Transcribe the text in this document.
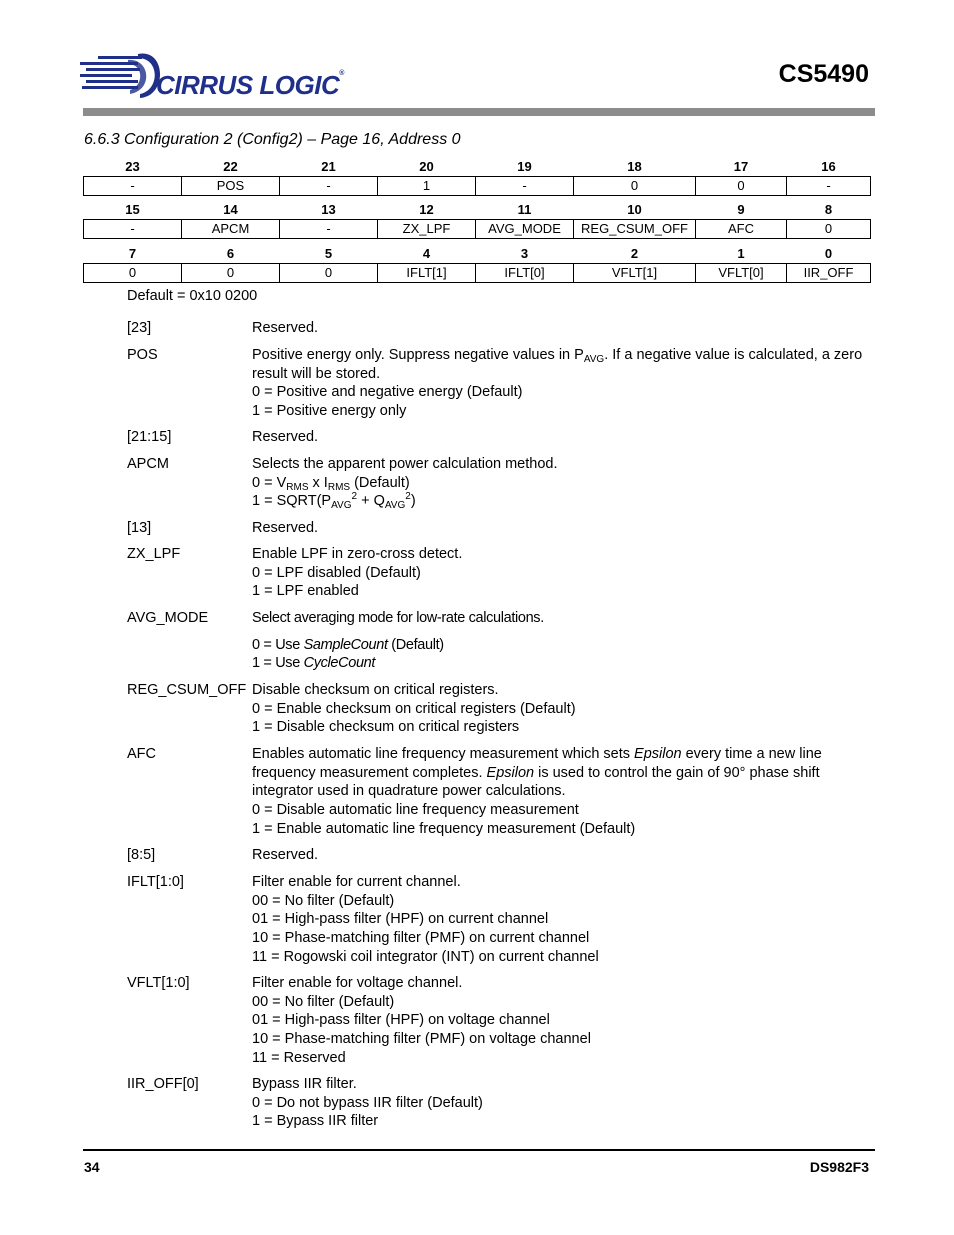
CIRRUS LOGIC®	CS5490
6.6.3 Configuration 2 (Config2) – Page 16, Address 0
23	22	21	20	19	18	17	16
-	POS	-	1	-	0	0	-
15	14	13	12	11	10	9	8
-	APCM	-	ZX_LPF	AVG_MODE	REG_CSUM_OFF	AFC	0
7	6	5	4	3	2	1	0
0	0	0	IFLT[1]	IFLT[0]	VFLT[1]	VFLT[0]	IIR_OFF
Default = 0x10 0200
[23]	Reserved.
POS	Positive energy only. Suppress negative values in $P_{AVG}$. If a negative value is calculated, a zero result will be stored.
0 = Positive and negative energy (Default)
1 = Positive energy only
[21:15]	Reserved.
APCM	Selects the apparent power calculation method.
$0 = V_{RMS}$ x $I_{RMS}$ (Default)
$1 = SQRT(P_{AVG}^2 + Q_{AVG}^2)$
[13]	Reserved.
ZX_LPF	Enable LPF in zero-cross detect.
0 = LPF disabled (Default)
1 = LPF enabled
AVG_MODE	Select averaging mode for low-rate calculations.
0 = Use SampleCount (Default)
1 = Use CycleCount
REG_CSUM_OFF Disable checksum on critical registers.
0 = Enable checksum on critical registers (Default)
1 = Disable checksum on critical registers
AFC	Enables automatic line frequency measurement which sets Epsilon every time a new line frequency measurement completes. Epsilon is used to control the gain of 90° phase shift integrator used in quadrature power calculations.
0 = Disable automatic line frequency measurement
1 = Enable automatic line frequency measurement (Default)
[8:5]	Reserved.
IFLT[1:0]	Filter enable for current channel.
00 = No filter (Default)
01 = High-pass filter (HPF) on current channel
10 = Phase-matching filter (PMF) on current channel
11 = Rogowski coil integrator (INT) on current channel
VFLT[1:0]	Filter enable for voltage channel.
00 = No filter (Default)
01 = High-pass filter (HPF) on voltage channel
10 = Phase-matching filter (PMF) on voltage channel
11 = Reserved
IIR_OFF[0]	Bypass IIR filter.
0 = Do not bypass IIR filter (Default)
1 = Bypass IIR filter
34	DS982F3
